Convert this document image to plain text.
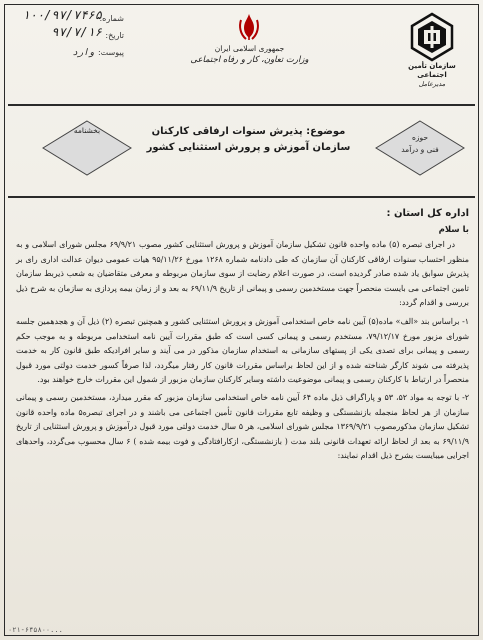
شماره:
۱۰۰/۹۷/۷۴۶۵
تاریخ:
۹۷/۷/۱۶
پیوست:
وارد	جمهوری اسلامی ایران
وزارت تعاون، کار و رفاه اجتماعی
سازمان تأمین اجتماعی
مدیرعامل
حوزه
فنی و درآمد
موضوع: پذیرش سنوات ارفاقی کارکنان
سازمان آموزش و پرورش استثنایی کشور
بخشنامه
اداره کل استان :
با سلام

در اجرای تبصره (۵) ماده واحده قانون تشکیل سازمان آموزش و پرورش استثنایی کشور مصوب ۶۹/۹/۲۱ مجلس شورای اسلامی و به منظور احتساب سنوات ارفاقی کارکنان آن سازمان که طی دادنامه شماره ۱۲۶۸ مورخ ۹۵/۱۱/۲۶ هیات عمومی دیوان عدالت اداری رای بر پذیرش سوابق یاد شده صادر گردیده است، در صورت اعلام رضایت از سوی سازمان مربوطه و معرفی متقاضیان به شعب ذیربط سازمان تامین اجتماعی می بایست منحصراً جهت مستخدمین رسمی و پیمانی از تاریخ ۶۹/۱۱/۹ به بعد و از زمان بیمه پردازی به سازمان به شرح ذیل بررسی و اقدام گردد:

۱- براساس بند «الف» ماده(۵) آیین نامه خاص استخدامی آموزش و پرورش استثنایی کشور و همچنین تبصره (۲) ذیل آن و هجدهمین جلسه شورای مزبور مورخ ۷۹/۱۲/۱۷، مستخدم رسمی و پیمانی کسی است که طبق مقررات آیین نامه استخدامی مربوطه و به موجب حکم رسمی و پیمانی برای تصدی یکی از پستهای سازمانی به استخدام سازمان مذکور در می آیند و سایر افرادیکه طبق قانون کار به خدمت پذیرفته می شوند کارگر شناخته شده و از این لحاظ براساس مقررات قانون کار رفتار میگردد، لذا صرفاً کسور خدمت دولتی مورد قبول منحصراً در ارتباط با کارکنان رسمی و پیمانی موضوعیت داشته وسایر کارکنان سازمان مزبور از شمول این مقررات خارج خواهند بود.

۲- با توجه به مواد ۵۲، ۵۳ و پاراگراف ذیل ماده ۶۴ آیین نامه خاص استخدامی سازمان مزبور که مقرر میدارد، مستخدمین رسمی و پیمانی سازمان از هر لحاظ منجمله بازنشستگی و وظیفه تابع مقررات قانون تأمین اجتماعی می باشند و در اجرای تبصره۵ ماده واحده قانون تشکیل سازمان مذکورمصوب ۱۳۶۹/۹/۲۱ مجلس شورای اسلامی، هر ۵ سال خدمت دولتی مورد قبول درآموزش و پرورش استثنایی از تاریخ ۶۹/۱۱/۹ به بعد از لحاظ ارائه تعهدات قانونی بلند مدت ( بازنشستگی، ازکارافتادگی و فوت بیمه شده ) ۶ سال محسوب می‌گردد، واحدهای اجرایی میبایست بشرح ذیل اقدام نمایند:

۰۲۱-۶۴۵۸۰۰...
